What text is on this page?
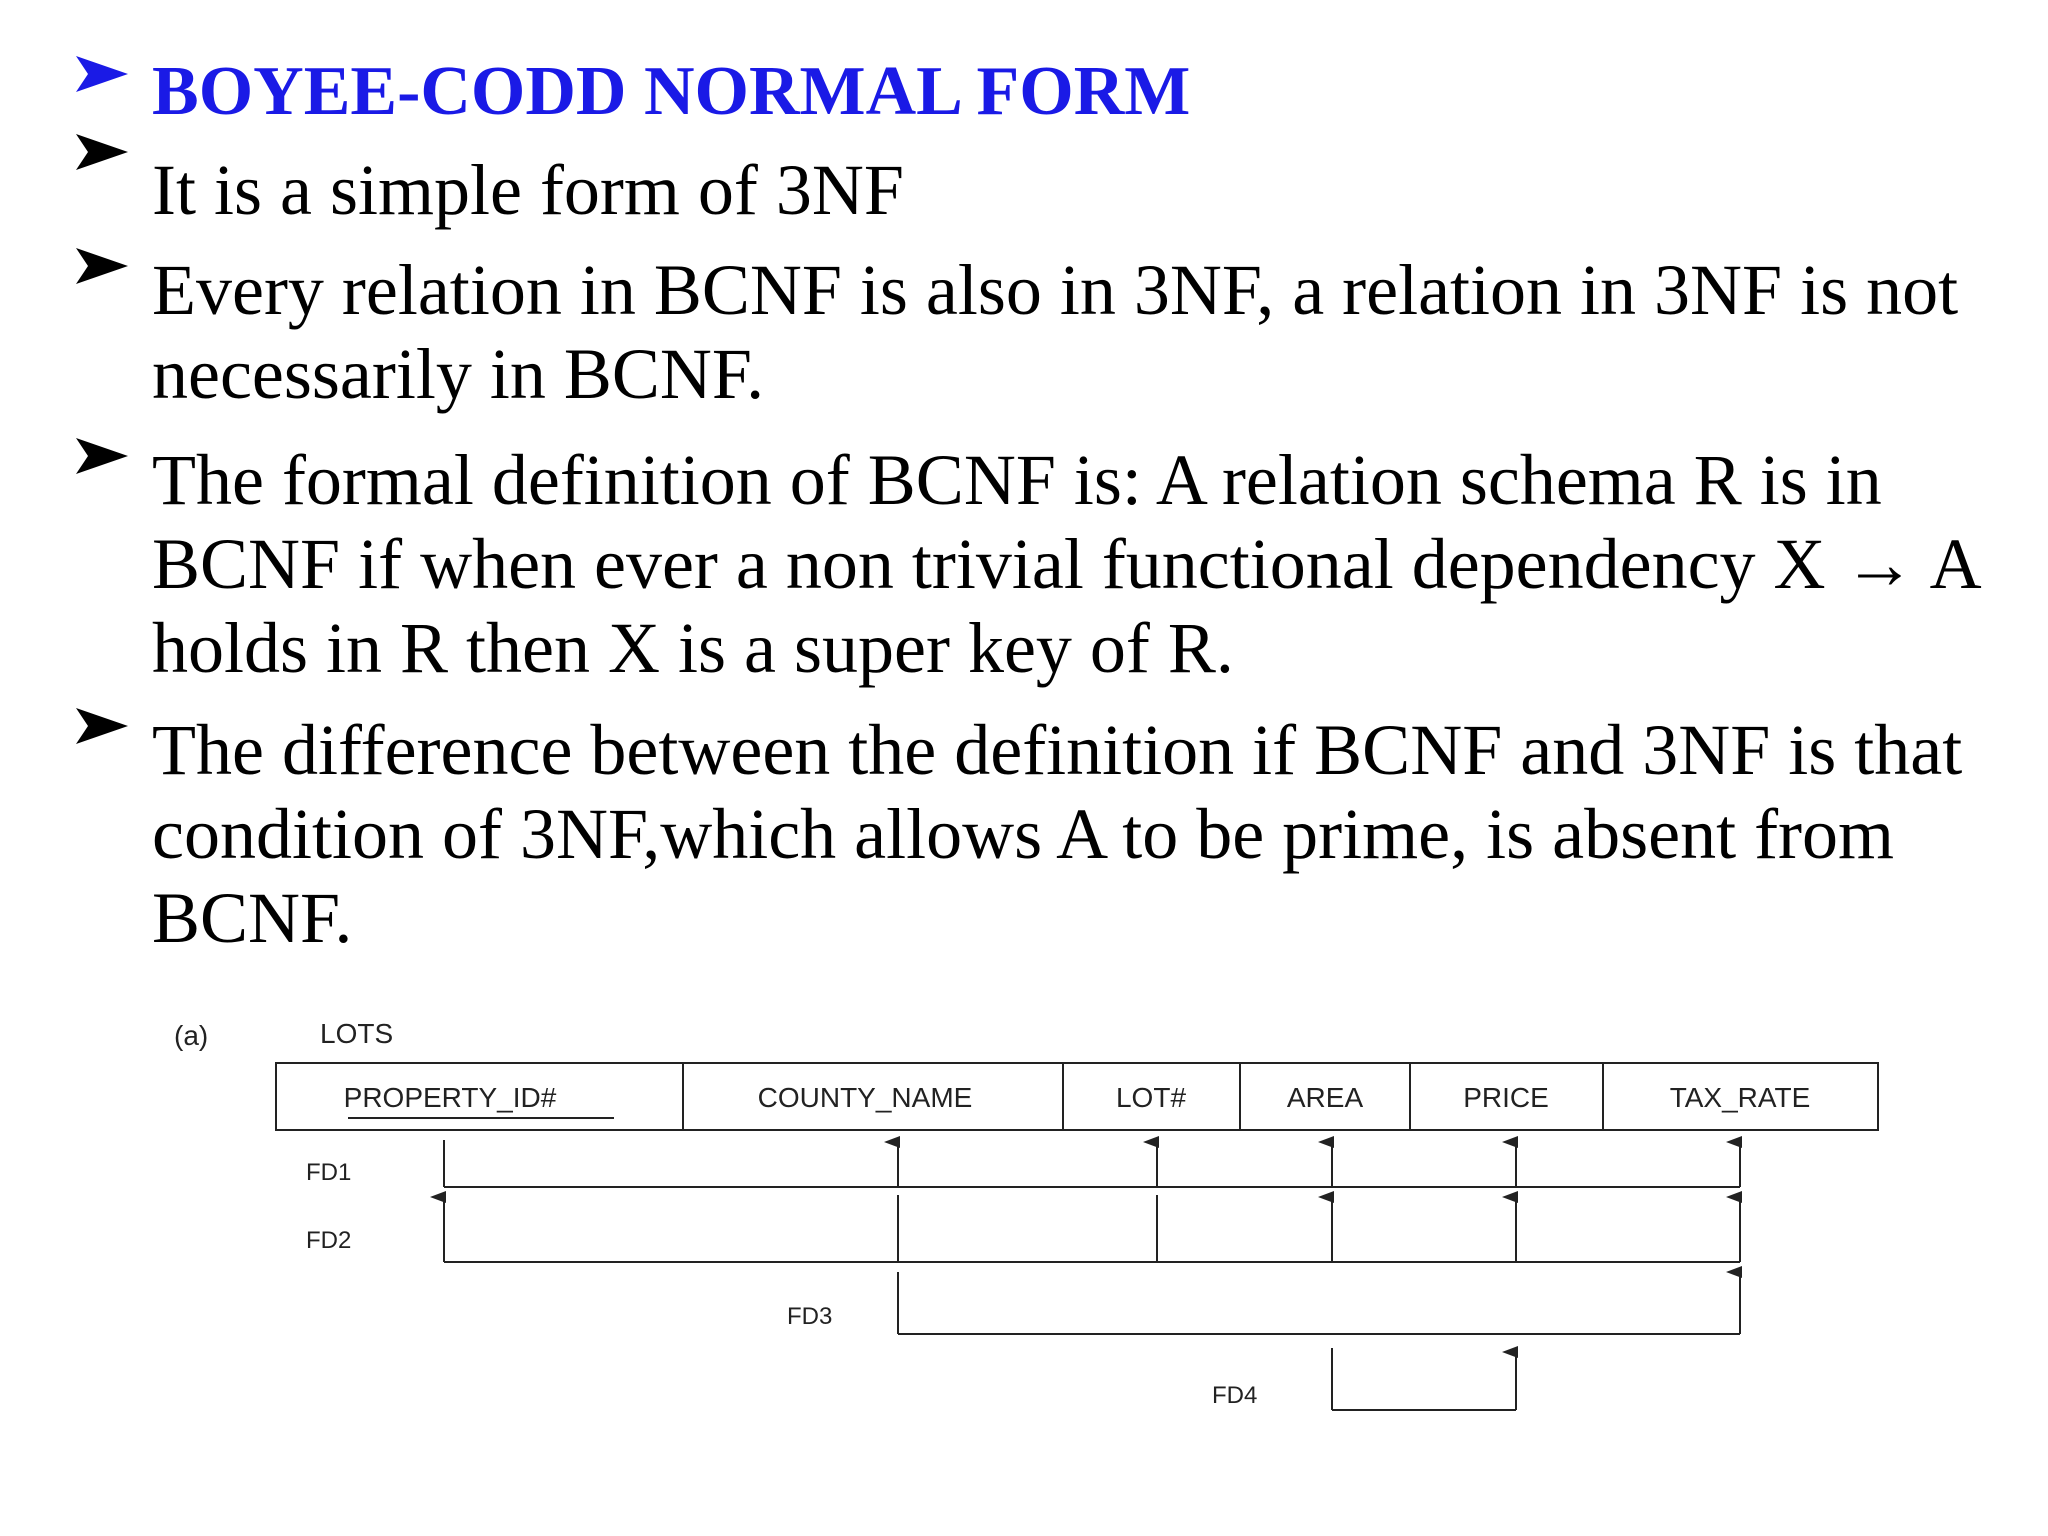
BOYEE-CODD NORMAL FORM
It is a simple form of 3NF
Every relation in BCNF is also in 3NF, a relation in 3NF is not
necessarily in BCNF.
The formal definition of BCNF is: A relation schema R is in
BCNF if when ever a non trivial functional dependency X → A
holds in R then X is a super key of R.
The difference between the definition if BCNF and 3NF is that
condition of 3NF,which allows A to be prime, is absent from
BCNF.
(a)	LOTS
PROPERTY_ID#	COUNTY_NAME	LOT#	AREA	PRICE	TAX_RATE
FD1
FD2
FD3
FD4
